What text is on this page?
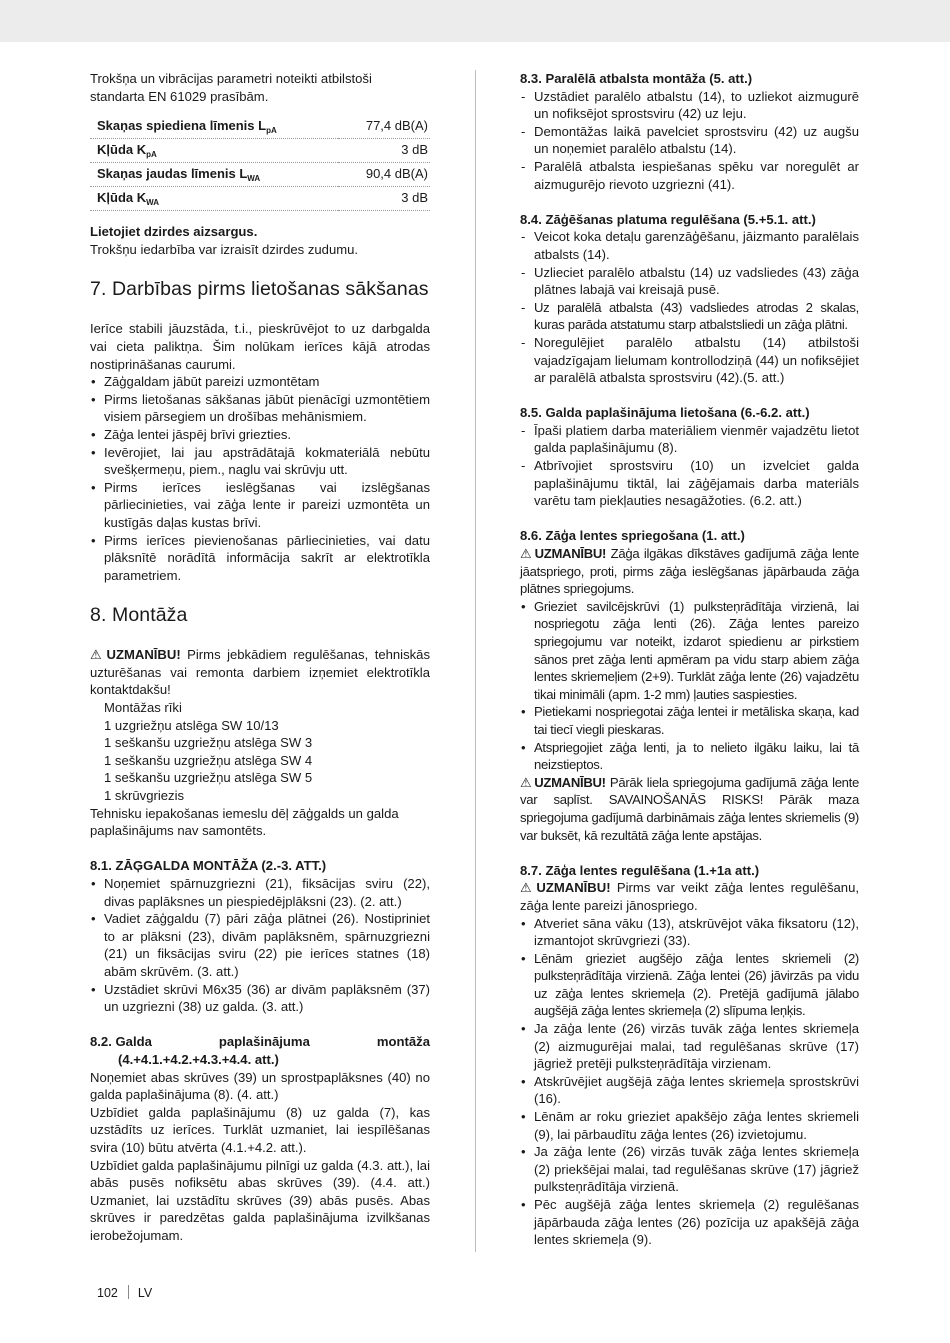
Trokšņa un vibrācijas parametri noteikti atbilstoši standarta EN 61029 prasībām.

Skaņas spiediena līmenis $L_{pA}$	77,4 dB(A)
Kļūda $K_{pA}$	3 dB
Skaņas jaudas līmenis $L_{WA}$	90,4 dB(A)
Kļūda $K_{WA}$	3 dB

Lietojiet dzirdes aizsargus.

Trokšņu iedarbība var izraisīt dzirdes zudumu.

7. Darbības pirms lietošanas sākšanas

Ierīce stabili jāuzstāda, t.i., pieskrūvējot to uz darbgalda vai cieta paliktņa. Šim nolūkam ierīces kājā atrodas nostiprināšanas caurumi.

• Zāģgaldam jābūt pareizi uzmontētam
• Pirms lietošanas sākšanas jābūt pienācīgi uzmontētiem visiem pārsegiem un drošības mehānismiem.
• Zāģa lentei jāspēj brīvi griezties.
• Ievērojiet, lai jau apstrādātajā kokmateriālā nebūtu svešķermeņu, piem., naglu vai skrūvju utt.
• Pirms ierīces ieslēgšanas vai izslēgšanas pārliecinieties, vai zāģa lente ir pareizi uzmontēta un kustīgās daļas kustas brīvi.
• Pirms ierīces pievienošanas pārliecinieties, vai datu plāksnītē norādītā informācija sakrīt ar elektrotīkla parametriem.
8. Montāža

⚠ UZMANĪBU! Pirms jebkādiem regulēšanas, tehniskās uzturēšanas vai remonta darbiem izņemiet elektrotīkla kontaktdakšu!

Montāžas rīki

1 uzgriežņu atslēga SW 10/13

1 seškanšu uzgriežņu atslēga SW 3

1 seškanšu uzgriežņu atslēga SW 4

1 seškanšu uzgriežņu atslēga SW 5

1 skrūvgriezis

Tehnisku iepakošanas iemeslu dēļ zāģgalds un galda paplašinājums nav samontēts.

8.1. ZĀĢGALDA MONTĀŽA (2.-3. ATT.)
• Noņemiet spārnuzgriezni (21), fiksācijas sviru (22), divas paplāksnes un piespiedējplāksni (23). (2. att.)
• Vadiet zāģgaldu (7) pāri zāģa plātnei (26). Nostipriniet to ar plāksni (23), divām paplāksnēm, spārnuzgriezni (21) un fiksācijas sviru (22) pie ierīces statnes (18) abām skrūvēm. (3. att.)
• Uzstādiet skrūvi M6x35 (36) ar divām paplāksnēm (37) un uzgriezni (38) uz galda. (3. att.)
8.2. Galda	paplašinājuma	montāža
(4.+4.1.+4.2.+4.3.+4.4. att.)

Noņemiet abas skrūves (39) un sprostpaplāksnes (40) no galda paplašinājuma (8). (4. att.)

Uzbīdiet galda paplašinājumu (8) uz galda (7), kas uzstādīts uz ierīces. Turklāt uzmaniet, lai iespīlēšanas svira (10) būtu atvērta (4.1.+4.2. att.).

Uzbīdiet galda paplašinājumu pilnīgi uz galda (4.3. att.), lai abās pusēs nofiksētu abas skrūves (39). (4.4. att.) Uzmaniet, lai uzstādītu skrūves (39) abās pusēs. Abas skrūves ir paredzētas galda paplašinājuma izvilkšanas ierobežojumam.

8.3. Paralēlā atbalsta montāža (5. att.)
- Uzstādiet paralēlo atbalstu (14), to uzliekot aizmugurē un nofiksējot sprostsviru (42) uz leju.
- Demontāžas laikā pavelciet sprostsviru (42) uz augšu un noņemiet paralēlo atbalstu (14).
- Paralēlā atbalsta iespiešanas spēku var noregulēt ar aizmugurējo rievoto uzgriezni (41).
8.4. Zāģēšanas platuma regulēšana (5.+5.1. att.)
- Veicot koka detaļu garenzāģēšanu, jāizmanto paralēlais atbalsts (14).
- Uzlieciet paralēlo atbalstu (14) uz vadsliedes (43) zāģa plātnes labajā vai kreisajā pusē.
- Uz paralēlā atbalsta (43) vadsliedes atrodas 2 skalas, kuras parāda atstatumu starp atbalstsliedi un zāģa plātni.
- Noregulējiet paralēlo atbalstu (14) atbilstoši vajadzīgajam lielumam kontrollodziņā (44) un nofiksējiet ar paralēlā atbalsta sprostsviru (42).(5. att.)
8.5. Galda paplašinājuma lietošana (6.-6.2. att.)
- Īpaši platiem darba materiāliem vienmēr vajadzētu lietot galda paplašinājumu (8).
- Atbrīvojiet sprostsviru (10) un izvelciet galda paplašinājumu tiktāl, lai zāģējamais darba materiāls varētu tam piekļauties nesagāžoties. (6.2. att.)
8.6. Zāģa lentes spriegošana (1. att.)

⚠ UZMANĪBU! Zāģa ilgākas dīkstāves gadījumā zāģa lente jāatspriego, proti, pirms zāģa ieslēgšanas jāpārbauda zāģa plātnes spriegojums.

• Grieziet savilcējskrūvi (1) pulksteņrādītāja virzienā, lai nospriegotu zāģa lenti (26). Zāģa lentes pareizo spriegojumu var noteikt, izdarot spiedienu ar pirkstiem sānos pret zāģa lenti apmēram pa vidu starp abiem zāģa lentes skriemeļiem (2+9). Turklāt zāģa lente (26) vajadzētu tikai minimāli (apm. 1-2 mm) ļauties saspiesties.
• Pietiekami nospriegotai zāģa lentei ir metāliska skaņa, kad tai tiecī viegli pieskaras.
• Atspriegojiet zāģa lenti, ja to nelieto ilgāku laiku, lai tā neizstieptos.

⚠ UZMANĪBU! Pārāk liela spriegojuma gadījumā zāģa lente var saplīst. SAVAINOŠANĀS RISKS! Pārāk maza spriegojuma gadījumā darbināmais zāģa lentes skriemelis (9) var buksēt, kā rezultātā zāģa lente apstājas.

8.7. Zāģa lentes regulēšana (1.+1a att.)

⚠ UZMANĪBU! Pirms var veikt zāģa lentes regulēšanu, zāģa lente pareizi jānospriego.

• Atveriet sāna vāku (13), atskrūvējot vāka fiksatoru (12), izmantojot skrūvgriezi (33).
• Lēnām grieziet augšējo zāģa lentes skriemeli (2) pulksteņrādītāja virzienā. Zāģa lentei (26) jāvirzās pa vidu uz zāģa lentes skriemeļa (2). Pretējā gadījumā jālabo augšējā zāģa lentes skriemeļa (2) slīpuma leņķis.
• Ja zāģa lente (26) virzās tuvāk zāģa lentes skriemeļa (2) aizmugurējai malai, tad regulēšanas skrūve (17) jāgriež pretēji pulksteņrādītāja virzienam.
• Atskrūvējiet augšējā zāģa lentes skriemeļa sprostskrūvi (16).
• Lēnām ar roku grieziet apakšējo zāģa lentes skriemeli (9), lai pārbaudītu zāģa lentes (26) izvietojumu.
• Ja zāģa lente (26) virzās tuvāk zāģa lentes skriemeļa (2) priekšējai malai, tad regulēšanas skrūve (17) jāgriež pulksteņrādītāja virzienā.
• Pēc augšējā zāģa lentes skriemeļa (2) regulēšanas jāpārbauda zāģa lentes (26) pozīcija uz apakšējā zāģa lentes skriemeļa (9).
102 LV
